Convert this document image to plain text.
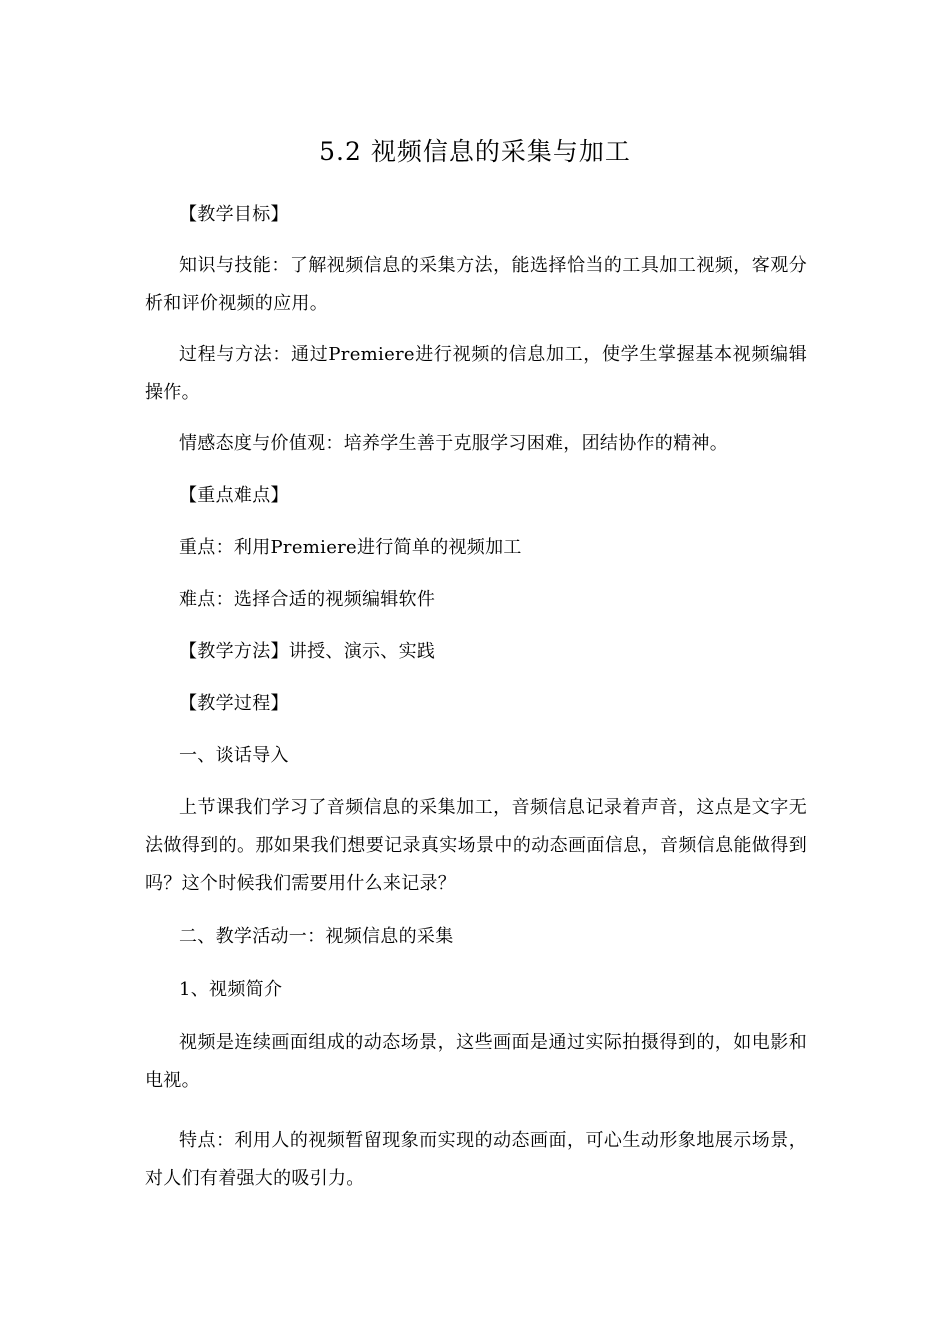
5.2 视频信息的采集与加工

【教学目标】

知识与技能：了解视频信息的采集方法，能选择恰当的工具加工视频，客观分析和评价视频的应用。

过程与方法：通过Premiere进行视频的信息加工，使学生掌握基本视频编辑操作。

情感态度与价值观：培养学生善于克服学习困难，团结协作的精神。

【重点难点】

重点：利用Premiere进行简单的视频加工

难点：选择合适的视频编辑软件

【教学方法】讲授、演示、实践

【教学过程】

一、谈话导入

上节课我们学习了音频信息的采集加工，音频信息记录着声音，这点是文字无法做得到的。那如果我们想要记录真实场景中的动态画面信息，音频信息能做得到吗？这个时候我们需要用什么来记录？

二、教学活动一：视频信息的采集

1、视频简介

视频是连续画面组成的动态场景，这些画面是通过实际拍摄得到的，如电影和电视。

特点：利用人的视频暂留现象而实现的动态画面，可心生动形象地展示场景，对人们有着强大的吸引力。
